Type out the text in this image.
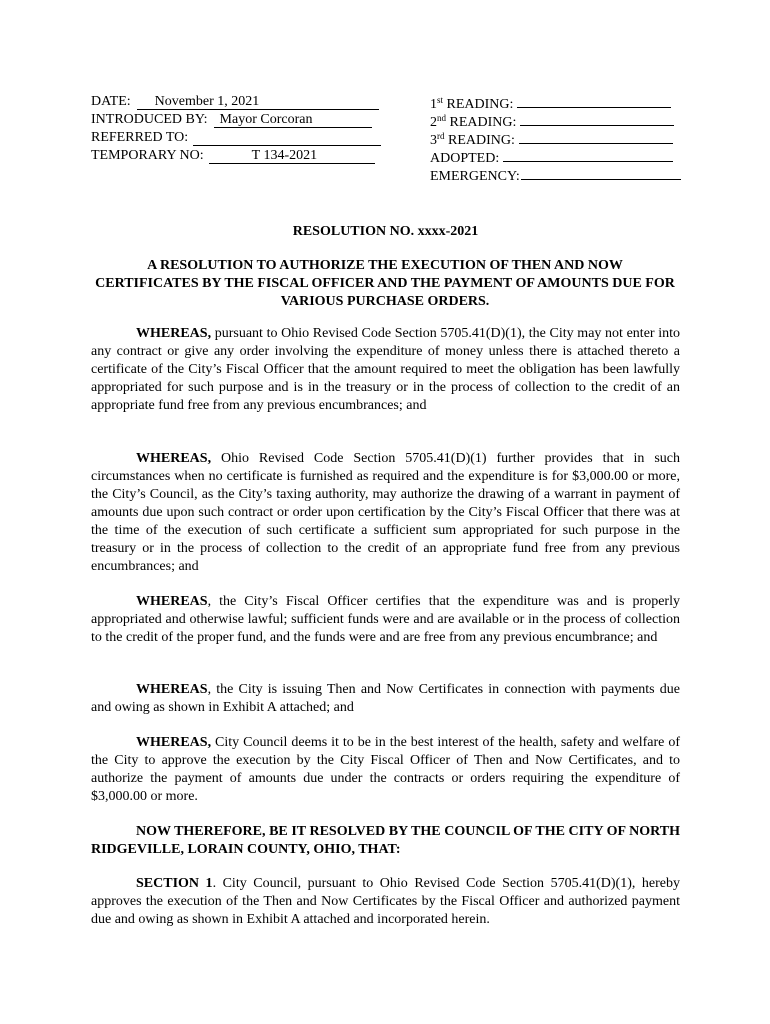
DATE:	November 1, 2021
INTRODUCED BY: Mayor Corcoran
REFERRED TO:
TEMPORARY NO:	T 134-2021
1st READING:
2nd READING:
3rd READING:
ADOPTED:
EMERGENCY:
RESOLUTION NO. xxxx-2021
A RESOLUTION TO AUTHORIZE THE EXECUTION OF THEN AND NOW CERTIFICATES BY THE FISCAL OFFICER AND THE PAYMENT OF AMOUNTS DUE FOR VARIOUS PURCHASE ORDERS.
WHEREAS, pursuant to Ohio Revised Code Section 5705.41(D)(1), the City may not enter into any contract or give any order involving the expenditure of money unless there is attached thereto a certificate of the City’s Fiscal Officer that the amount required to meet the obligation has been lawfully appropriated for such purpose and is in the treasury or in the process of collection to the credit of an appropriate fund free from any previous encumbrances; and
WHEREAS, Ohio Revised Code Section 5705.41(D)(1) further provides that in such circumstances when no certificate is furnished as required and the expenditure is for $3,000.00 or more, the City’s Council, as the City’s taxing authority, may authorize the drawing of a warrant in payment of amounts due upon such contract or order upon certification by the City’s Fiscal Officer that there was at the time of the execution of such certificate a sufficient sum appropriated for such purpose in the treasury or in the process of collection to the credit of an appropriate fund free from any previous encumbrances; and
WHEREAS, the City’s Fiscal Officer certifies that the expenditure was and is properly appropriated and otherwise lawful; sufficient funds were and are available or in the process of collection to the credit of the proper fund, and the funds were and are free from any previous encumbrance; and
WHEREAS, the City is issuing Then and Now Certificates in connection with payments due and owing as shown in Exhibit A attached; and
WHEREAS, City Council deems it to be in the best interest of the health, safety and welfare of the City to approve the execution by the City Fiscal Officer of Then and Now Certificates, and to authorize the payment of amounts due under the contracts or orders requiring the expenditure of $3,000.00 or more.
NOW THEREFORE, BE IT RESOLVED BY THE COUNCIL OF THE CITY OF NORTH RIDGEVILLE, LORAIN COUNTY, OHIO, THAT:
SECTION 1. City Council, pursuant to Ohio Revised Code Section 5705.41(D)(1), hereby approves the execution of the Then and Now Certificates by the Fiscal Officer and authorized payment due and owing as shown in Exhibit A attached and incorporated herein.
